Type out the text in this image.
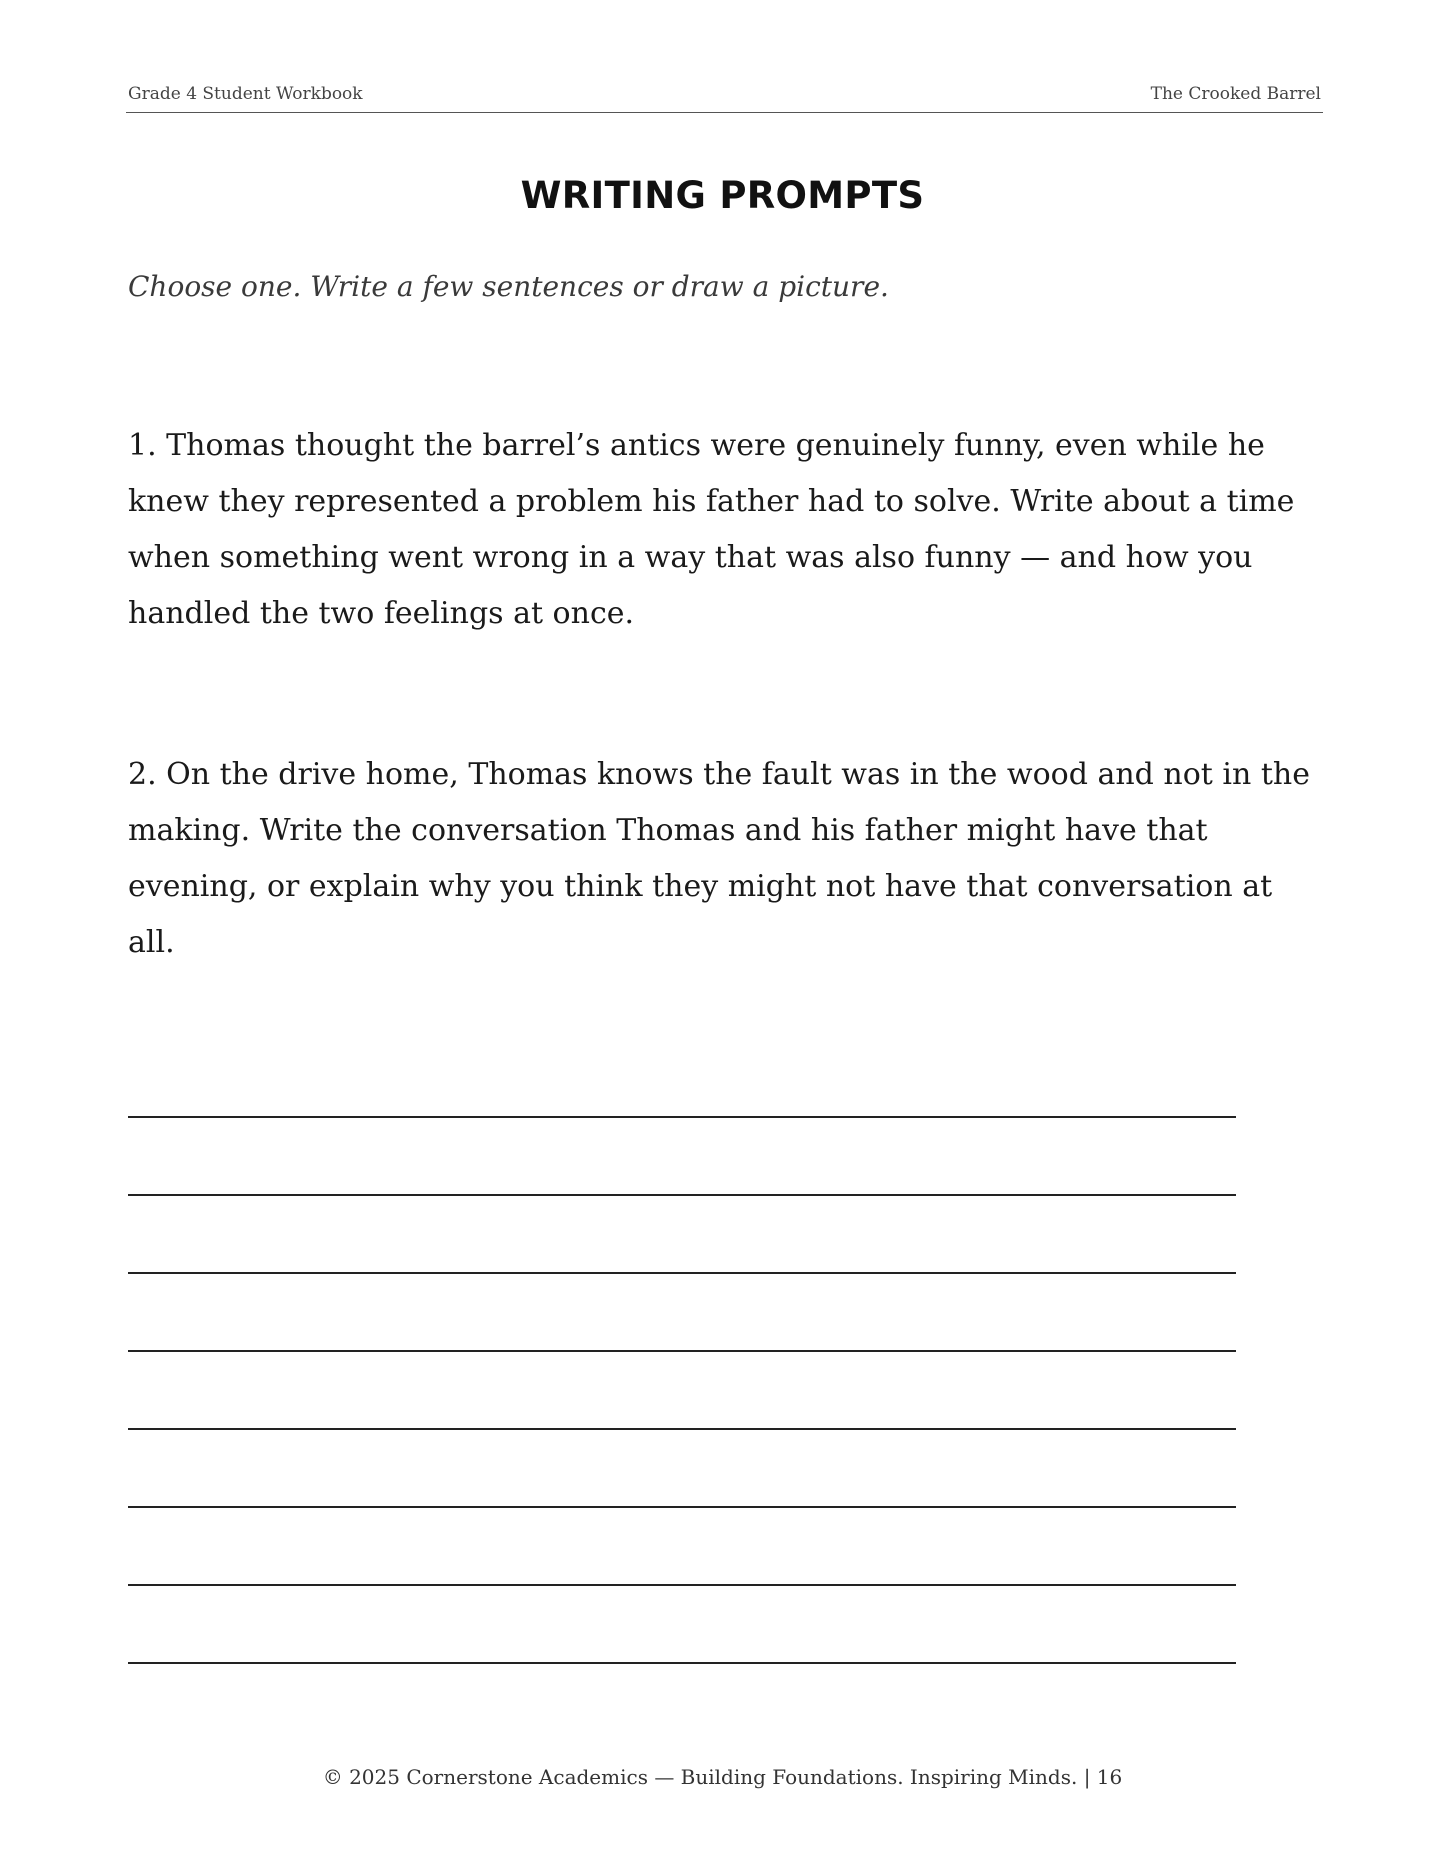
Grade 4 Student Workbook	The Crooked Barrel
WRITING PROMPTS
Choose one. Write a few sentences or draw a picture.
1. Thomas thought the barrel’s antics were genuinely funny, even while he knew they represented a problem his father had to solve. Write about a time when something went wrong in a way that was also funny — and how you handled the two feelings at once.
2. On the drive home, Thomas knows the fault was in the wood and not in the making. Write the conversation Thomas and his father might have that evening, or explain why you think they might not have that conversation at all.
© 2025 Cornerstone Academics — Building Foundations. Inspiring Minds. | 16
